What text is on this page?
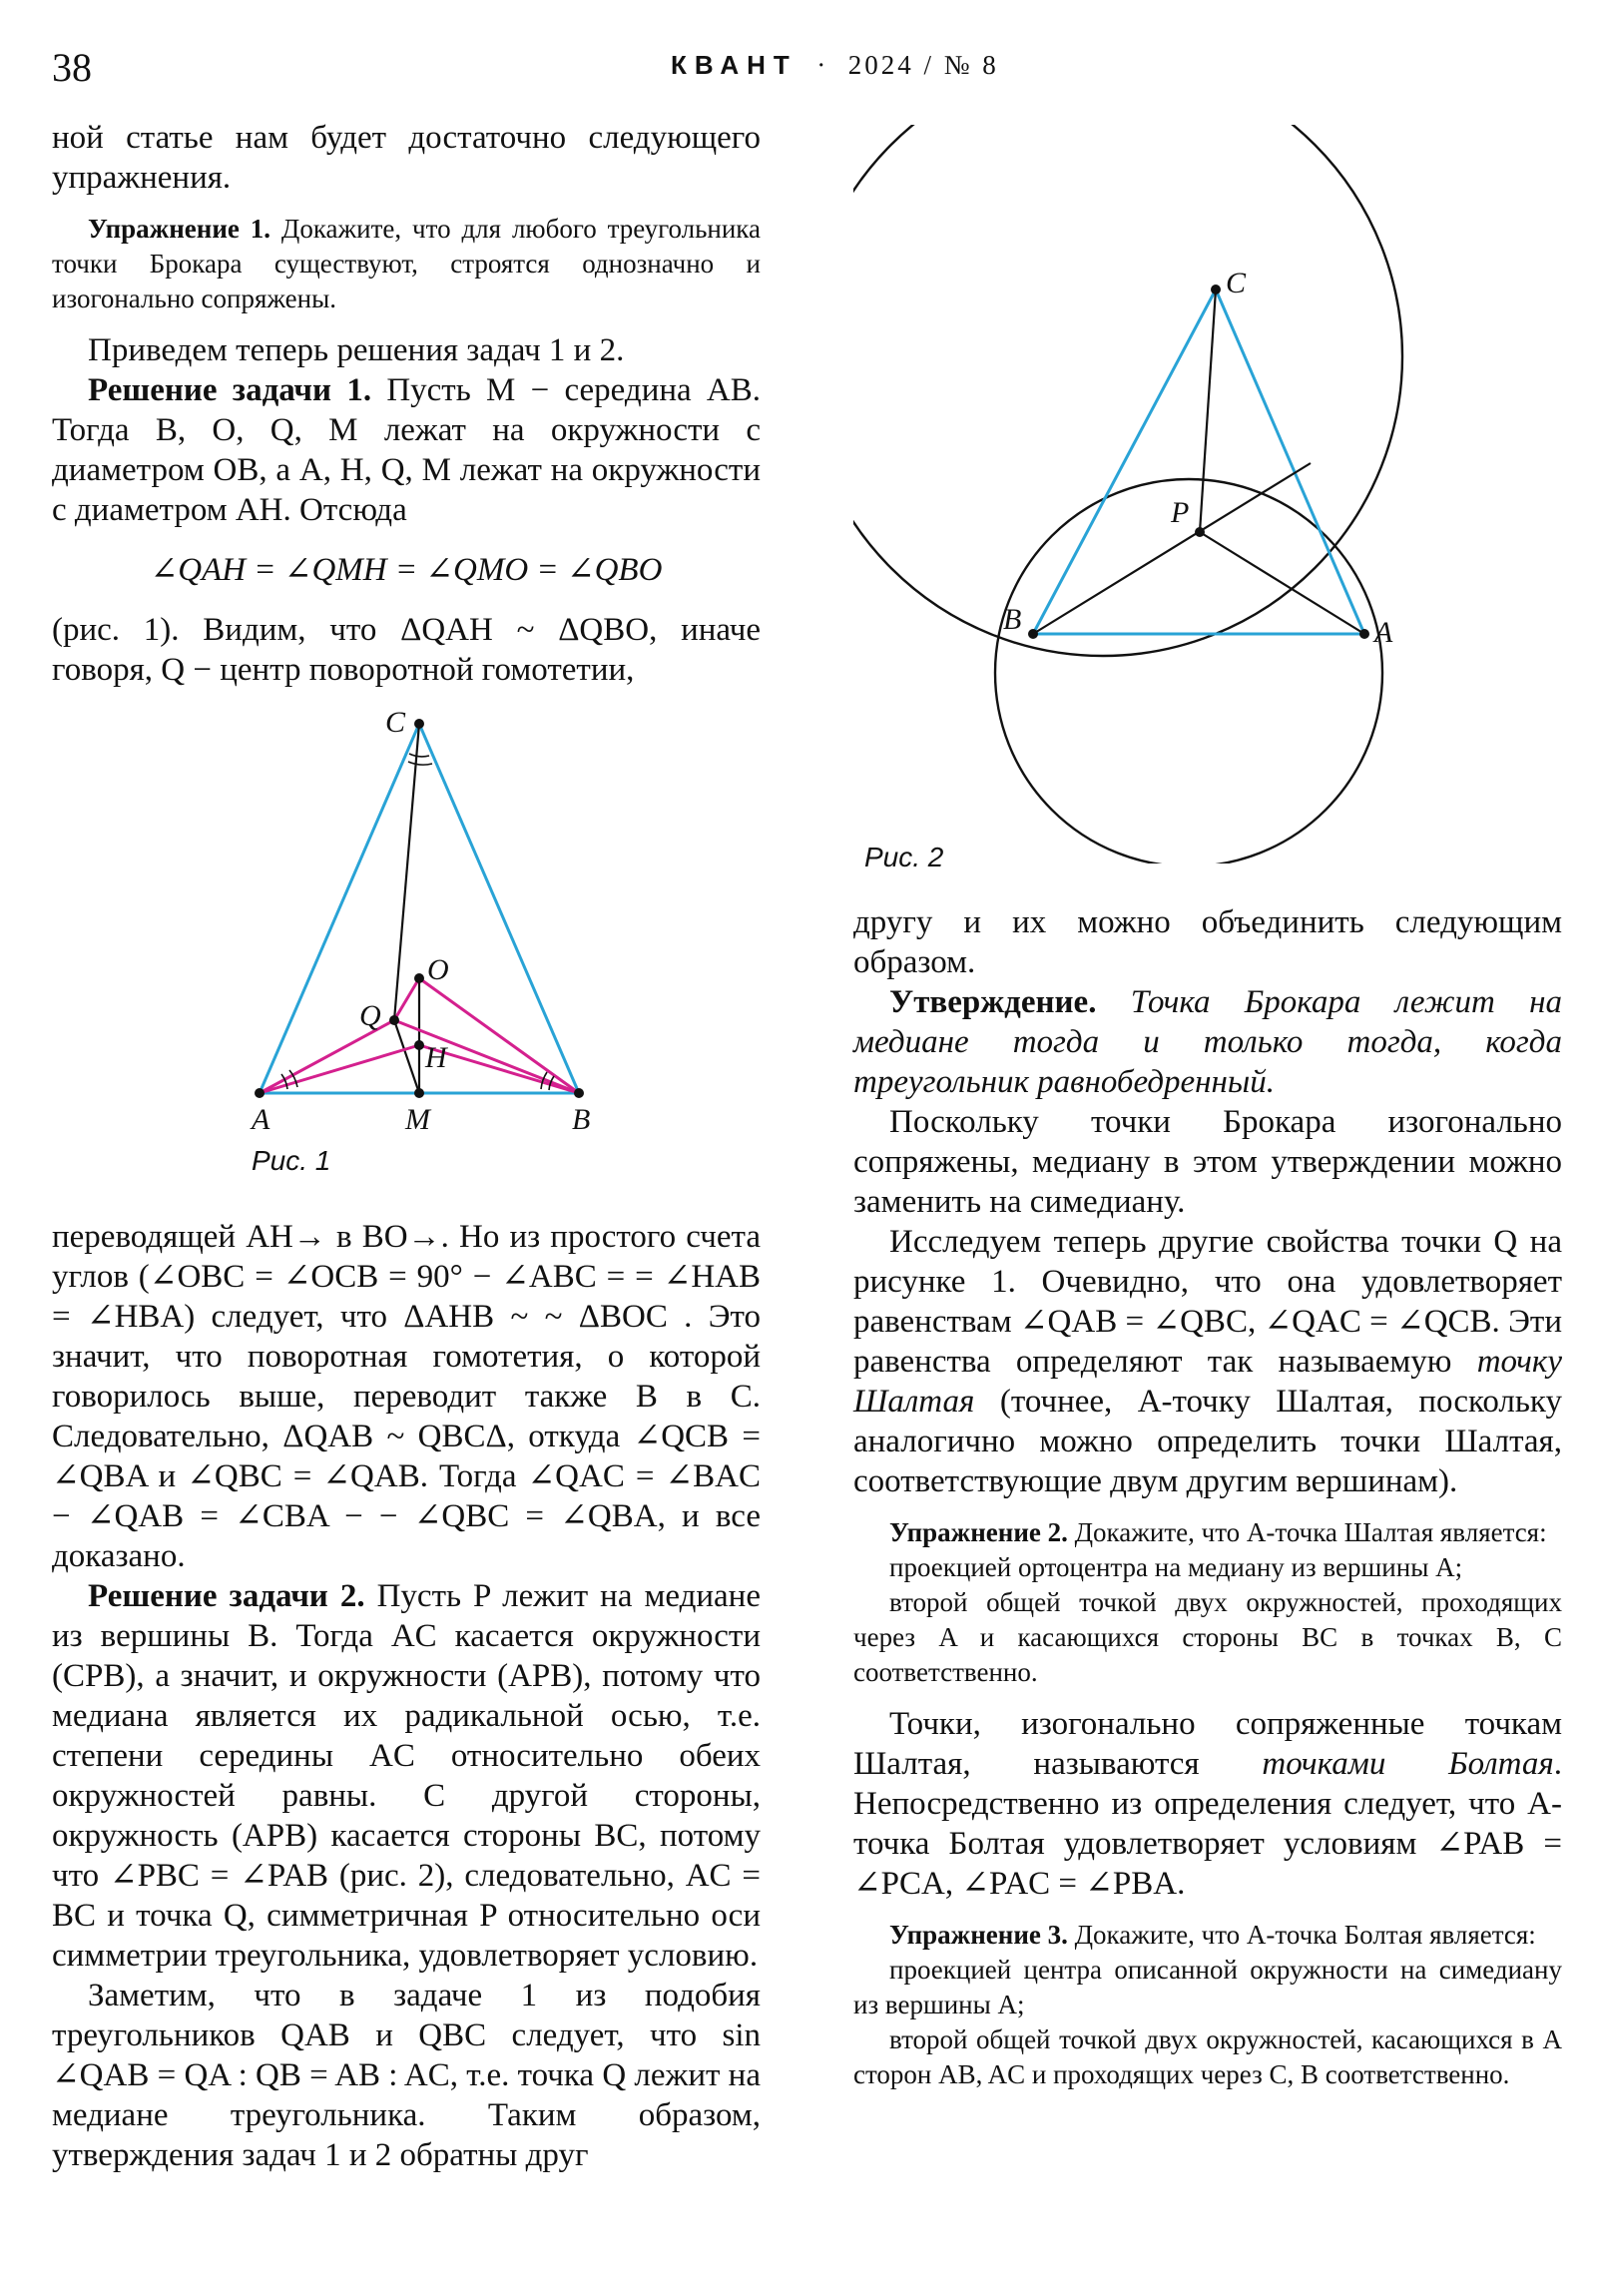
38	КВАНТ · 2024 / № 8

ной статье нам будет достаточно следующего упражнения.

Упражнение 1. Докажите, что для любого треугольника точки Брокара существуют, строятся однозначно и изогонально сопряжены.

Приведем теперь решения задач 1 и 2.

Решение задачи 1. Пусть M − середина AB. Тогда B, O, Q, M лежат на окружности с диаметром OB, а A, H, Q, M лежат на окружности с диаметром AH. Отсюда

∠QAH = ∠QMH = ∠QMO = ∠QBO

(рис. 1). Видим, что ΔQAH ~ ΔQBO, иначе говоря, Q − центр поворотной гомотетии,

переводящей AH→ в BO→. Но из простого счета углов (∠OBC = ∠OCB = 90° − ∠ABC = = ∠HAB = ∠HBA) следует, что ΔAHB ~ ~ ΔBOC . Это значит, что поворотная гомотетия, о которой говорилось выше, переводит также B в C. Следовательно, ΔQAB ~ QBCΔ, откуда ∠QCB = ∠QBA и ∠QBC = ∠QAB. Тогда ∠QAC = ∠BAC − ∠QAB = ∠CBA − − ∠QBC = ∠QBA, и все доказано.

Решение задачи 2. Пусть P лежит на медиане из вершины B. Тогда AC касается окружности (CPB), а значит, и окружности (APB), потому что медиана является их радикальной осью, т.е. степени середины AC относительно обеих окружностей равны. С другой стороны, окружность (APB) касается стороны BC, потому что ∠PBC = ∠PAB (рис. 2), следовательно, AC = BC и точка Q, симметричная P относительно оси симметрии треугольника, удовлетворяет условию.

Заметим, что в задаче 1 из подобия треугольников QAB и QBC следует, что sin ∠QAB = QA : QB = AB : AC, т.е. точка Q лежит на медиане треугольника. Таким образом, утверждения задач 1 и 2 обратны друг

A	B
C
M
O
Q
H
Рис. 1
C
B	A
P
Рис. 2

другу и их можно объединить следующим образом.

Утверждение. Точка Брокара лежит на медиане тогда и только тогда, когда треугольник равнобедренный.

Поскольку точки Брокара изогонально сопряжены, медиану в этом утверждении можно заменить на симедиану.

Исследуем теперь другие свойства точки Q на рисунке 1. Очевидно, что она удовлетворяет равенствам ∠QAB = ∠QBC, ∠QAC = ∠QCB. Эти равенства определяют так называемую точку Шалтая (точнее, A-точку Шалтая, поскольку аналогично можно определить точки Шалтая, соответствующие двум другим вершинам).

Упражнение 2. Докажите, что A-точка Шалтая является:

проекцией ортоцентра на медиану из вершины A;

второй общей точкой двух окружностей, проходящих через A и касающихся стороны BC в точках B, C соответственно.

Точки, изогонально сопряженные точкам Шалтая, называются точками Болтая. Непосредственно из определения следует, что A-точка Болтая удовлетворяет условиям ∠PAB = ∠PCA, ∠PAC = ∠PBA.

Упражнение 3. Докажите, что A-точка Болтая является:

проекцией центра описанной окружности на симедиану из вершины A;

второй общей точкой двух окружностей, касающихся в A сторон AB, AC и проходящих через C, B соответственно.
